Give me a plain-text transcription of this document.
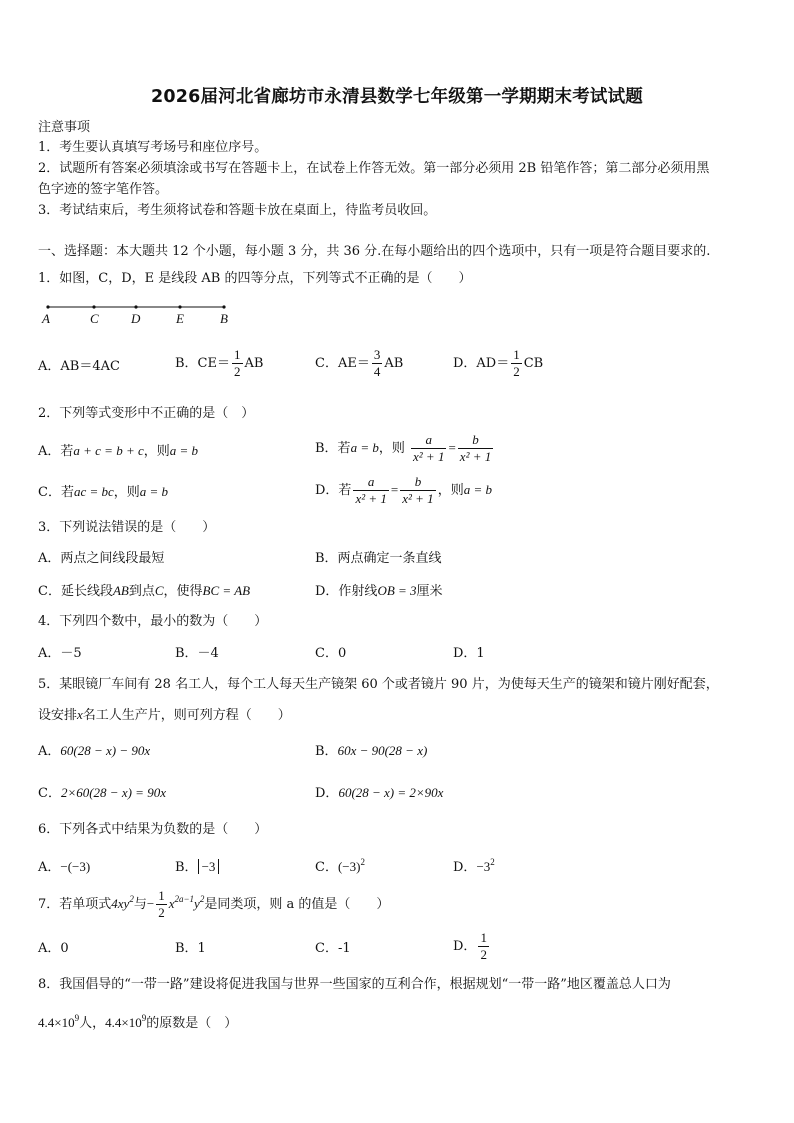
2026届河北省廊坊市永清县数学七年级第一学期期末考试试题
注意事项
1．考生要认真填写考场号和座位序号。
2．试题所有答案必须填涂或书写在答题卡上，在试卷上作答无效。第一部分必须用 2B 铅笔作答；第二部分必须用黑
色字迹的签字笔作答。
3．考试结束后，考生须将试卷和答题卡放在桌面上，待监考员收回。
一、选择题：本大题共 12 个小题，每小题 3 分，共 36 分.在每小题给出的四个选项中，只有一项是符合题目要求的.
1．如图，C，D，E 是线段 AB 的四等分点，下列等式不正确的是（　　）
A	C D	E	B
A．AB＝4AC	B．$CE= \frac{1}{2}$ AB	C．$AE= \frac{3}{4}$ AB	D．$AD= \frac{1}{2}$ CB
2．下列等式变形中不正确的是（　）
A．若a + c = b + c，则a = b	B．若a = b，则 $\frac{a}{\text{x² + 1}} = \frac{b}{\text{x² + 1}}$
C．若ac = bc，则a = b	D．若 $\frac{a}{\text{x² + 1}} = \frac{b}{\text{x² + 1}}$ ，则a = b
3．下列说法错误的是（　　）
A．两点之间线段最短	B．两点确定一条直线
C．延长线段AB到点C，使得BC = AB	D．作射线OB = 3厘米
4．下列四个数中，最小的数为（　　）
A．－5	B．－4	C．0	D．1
5．某眼镜厂车间有 28 名工人，每个工人每天生产镜架 60 个或者镜片 90 片，为使每天生产的镜架和镜片刚好配套，
设安排x名工人生产片，则可列方程（　　）
A．60(28 − x) − 90x	B．60x − 90(28 − x)
C．2×60(28 − x) = 90x	D．60(28 − x) = 2×90x
6．下列各式中结果为负数的是（　　）
A．−(−3)	B． −3	C．$(-3)^2$	D．$-3^2$
7．若单项式$4xy^2$与− $\frac{1}{2} x^{2a-1}y^2$是同类项，则 a 的值是（　　）
A．0	B．1	C．-1	D． $\frac{1}{2}$
8．我国倡导的“一带一路”建设将促进我国与世界一些国家的互利合作，根据规划“一带一路”地区覆盖总人口为
$4.4\times 10^9$人，$4.4\times 10^9$的原数是（　）
